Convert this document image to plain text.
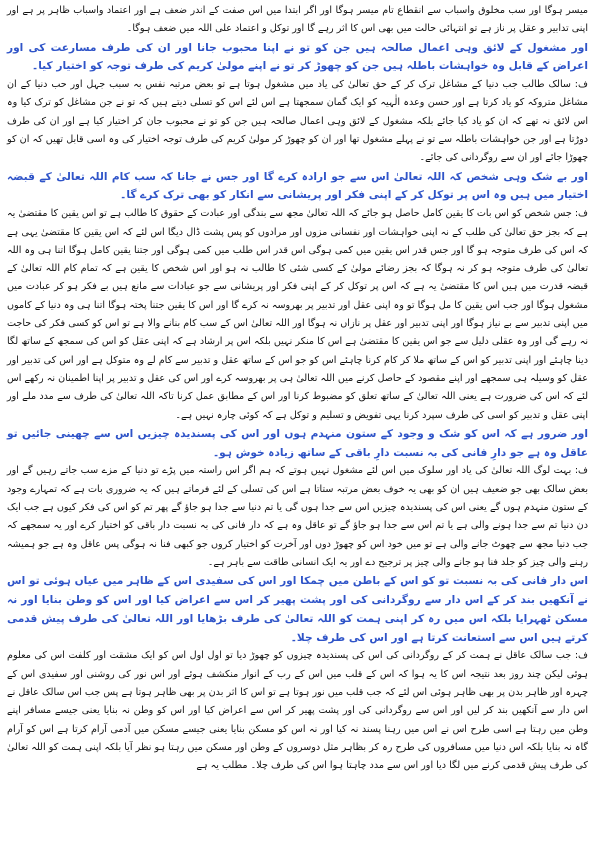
میسر ہوگا اور سب مخلوق واسباب سے انقطاع تام میسر ہوگا اور اگر ابتدا میں اس صفت کے اندر ضعف ہے اور اعتماد واسباب ظاہر پر ہے اور اپنی تدابیر و عقل پر ناز ہے تو انتہائی حالت میں بھی اس کا اثر رہے گا اور توکل و اعتماد علی اللہ میں ضعف ہوگا۔

اور مشغول کے لائق وہی اعمال صالحہ ہیں جن کو تو نے اپنا محبوب جانا اور ان کی طرف مسارعت کی اور اعراض کے قابل وہ خواہشات باطلہ ہیں جن کو چھوڑ کر تو نے اپنے مولیٰ کریم کی طرف توجہ کو اختیار کیا۔

ف: سالک طالب جب دنیا کے مشاغل ترک کر کے حق تعالیٰ کی یاد میں مشغول ہوتا ہے تو بعض مرتبہ نفس بہ سبب جہل اور حب دنیا کے ان مشاغل متروکہ کو یاد کرتا ہے اور حسن وعدہ الٰہیہ کو ایک گمان سمجھتا ہے اس لئے اس کو تسلی دیتے ہیں کہ تو نے جن مشاغل کو ترک کیا وہ اس لائق نہ تھے کہ ان کو یاد کیا جائے بلکہ مشغول کے لائق وہی اعمال صالحہ ہیں جن کو تو نے محبوب جان کر اختیار کیا ہے اور ان کی طرف دوڑتا ہے اور جن خواہشات باطلہ سے تو نے پہلے مشغول تھا اور ان کو چھوڑ کر مولیٰ کریم کی طرف توجہ اختیار کی وہ اسی قابل تھیں کہ ان کو چھوڑا جائے اور ان سے روگردانی کی جائے۔

اور بے شک وہی شخص کہ اللہ تعالیٰ اس سے جو ارادہ کرے گا اور جس نے جانا کہ سب کام اللہ تعالیٰ کے قبضہ اختیار میں ہیں وہ اس پر توکل کر کے اپنی فکر اور پریشانی سے انکار کو بھی ترک کرے گا۔

ف: جس شخص کو اس بات کا یقین کامل حاصل ہو جائے کہ اللہ تعالیٰ مجھ سے بندگی اور عبادت کے حقوق کا طالب ہے تو اس یقین کا مقتضیٰ یہ ہے کہ بجز حق تعالیٰ کی طلب کے نہ اپنی خواہشات اور نفسانی مزوں اور مرادوں کو پس پشت ڈال دیگا اس لئے کہ اس یقین کا مقتضیٰ یہی ہے کہ اس کی طرف متوجہ ہو گا اور جس قدر اس یقین میں کمی ہوگی اس قدر اس طلب میں کمی ہوگی اور جتنا یقین کامل ہوگا اتنا ہی وہ اللہ تعالیٰ کی طرف متوجہ ہو کر نہ ہوگا کہ بجز رضائے مولیٰ کے کسی شئی کا طالب نہ ہو اور اس شخص کا یقین ہے کہ تمام کام اللہ تعالیٰ کے قبضہ قدرت میں ہیں اس کا مقتضیٰ یہ ہے کہ اس پر توکل کر کے اپنی فکر اور پریشانی سے جو عبادات سے مانع ہیں بے فکر ہو کر عبادت میں مشغول ہوگا اور جب اس یقین کا مل ہوگا تو وہ اپنی عقل اور تدبیر پر بھروسہ نہ کرے گا اور اس کا یقین جتنا پختہ ہوگا اتنا ہی وہ دنیا کے کاموں میں اپنی تدبیر سے بے نیاز ہوگا اور اپنی تدبیر اور عقل پر نازاں نہ ہوگا اور اللہ تعالیٰ اس کے سب کام بنانے والا ہے تو اس کو کسی فکر کی حاجت نہ رہے گی اور وہ عقلی دلیل سے جو اس یقین کا مقتضیٰ ہے اس کا منکر نہیں بلکہ اس پر ارشاد ہے کہ اپنی عقل کو اس کی سمجھ کے ساتھ لگا دینا چاہئے اور اپنی تدبیر کو اس کے ساتھ ملا کر کام کرنا چاہئے اس کو جو اس کے ساتھ عقل و تدبیر سے کام لے وہ متوکل ہے اور اس کی تدبیر اور عقل کو وسیلہ ہی سمجھے اور اپنے مقصود کے حاصل کرنے میں اللہ تعالیٰ ہی پر بھروسہ کرے اور اس کی عقل و تدبیر پر اپنا اطمینان نہ رکھے اس لئے کہ اس کی ضرورت ہے یعنی اللہ تعالیٰ کے ساتھ تعلق کو مضبوط کرنا اور اس کے مطابق عمل کرنا تاکہ اللہ تعالیٰ کی طرف سے مدد ملے اور اپنی عقل و تدبیر کو اسی کی طرف سپرد کرنا یہی تفویض و تسلیم و توکل ہے کہ کوئی چارہ نہیں ہے۔

اور ضرور ہے کہ اس کو شک و وجود کے ستون منہدم ہوں اور اس کی پسندیدہ چیزیں اس سے چھینی جائیں تو عاقل وہ ہے جو دارِ فانی کی بہ نسبت دارِ باقی کے ساتھ زیادہ خوش ہو۔

ف: بہت لوگ اللہ تعالیٰ کی یاد اور سلوک میں اس لئے مشغول نہیں ہوتے کہ ہم اگر اس راستہ میں پڑے تو دنیا کے مزے سب جاتے رہیں گے اور بعض سالک بھی جو ضعیف ہیں ان کو بھی یہ خوف بعض مرتبہ ستاتا ہے اس کی تسلی کے لئے فرماتے ہیں کہ یہ ضروری بات ہے کہ تمہارے وجود کے ستون منہدم ہوں گے یعنی اس کی پسندیدہ چیزیں اس سے جدا ہوں گی یا تم دنیا سے جدا ہو جاؤ گے پھر تم کو اس کی فکر کیوں ہے جب ایک دن دنیا تم سے جدا ہونے والی ہے یا تم اس سے جدا ہو جاؤ گے تو عاقل وہ ہے کہ دار فانی کی بہ نسبت دار باقی کو اختیار کرے اور یہ سمجھے کہ جب دنیا مجھ سے چھوٹ جانے والی ہے تو میں خود اس کو چھوڑ دوں اور آخرت کو اختیار کروں جو کبھی فنا نہ ہوگی پس عاقل وہ ہے جو ہمیشہ رہنے والی چیز کو جلد فنا ہو جانے والی چیز پر ترجیح دے اور یہ ایک انسانی طاقت سے باہر ہے۔

اس دار فانی کی بہ نسبت تو کو اس کے باطن میں چمکا اور اس کی سفیدی اس کے ظاہر میں عیاں ہوئی تو اس نے آنکھیں بند کر کے اس دار سے روگردانی کی اور پشت پھیر کر اس سے اعراض کیا اور اس کو وطن بنایا اور نہ مسکن ٹھہرایا بلکہ اس میں رہ کر اپنی ہمت کو اللہ تعالیٰ کی طرف بڑھایا اور اللہ تعالیٰ کی طرف پیش قدمی کرتے ہیں اس سے استعانت کرتا ہے اور اس کی طرف چلا۔

ف: جب سالک عاقل نے ہمت کر کے روگردانی کی اس کی پسندیدہ چیزوں کو چھوڑ دیا تو اول اول اس کو ایک مشقت اور کلفت اس کی معلوم ہوئی لیکن چند روز بعد نتیجہ اس کا یہ ہوا کہ اس کے قلب میں اس کے رب کے انوار منکشف ہوئے اور اس نور کی روشنی اور سفیدی اس کے چہرہ اور ظاہر بدن پر بھی ظاہر ہوئی اس لئے کہ جب قلب میں نور ہوتا ہے تو اس کا اثر بدن پر بھی ظاہر ہوتا ہے پس جب اس سالک عاقل نے اس دار سے آنکھیں بند کر لیں اور اس سے روگردانی کی اور پشت پھیر کر اس سے اعراض کیا اور اس کو وطن نہ بنایا یعنی جیسے مسافر اپنے وطن میں رہتا ہے اسی طرح اس نے اس میں رہنا پسند نہ کیا اور نہ اس کو مسکن بنایا یعنی جیسے مسکن میں آدمی آرام کرتا ہے اس کو آرام گاہ نہ بنایا بلکہ اس دنیا میں مسافروں کی طرح رہ کر بظاہر مثل دوسروں کے وطن اور مسکن میں رہتا ہو نظر آیا بلکہ اپنی ہمت کو اللہ تعالیٰ کی طرف پیش قدمی کرنے میں لگا دیا اور اس سے مدد چاہتا ہوا اس کی طرف چلا۔ مطلب یہ ہے
